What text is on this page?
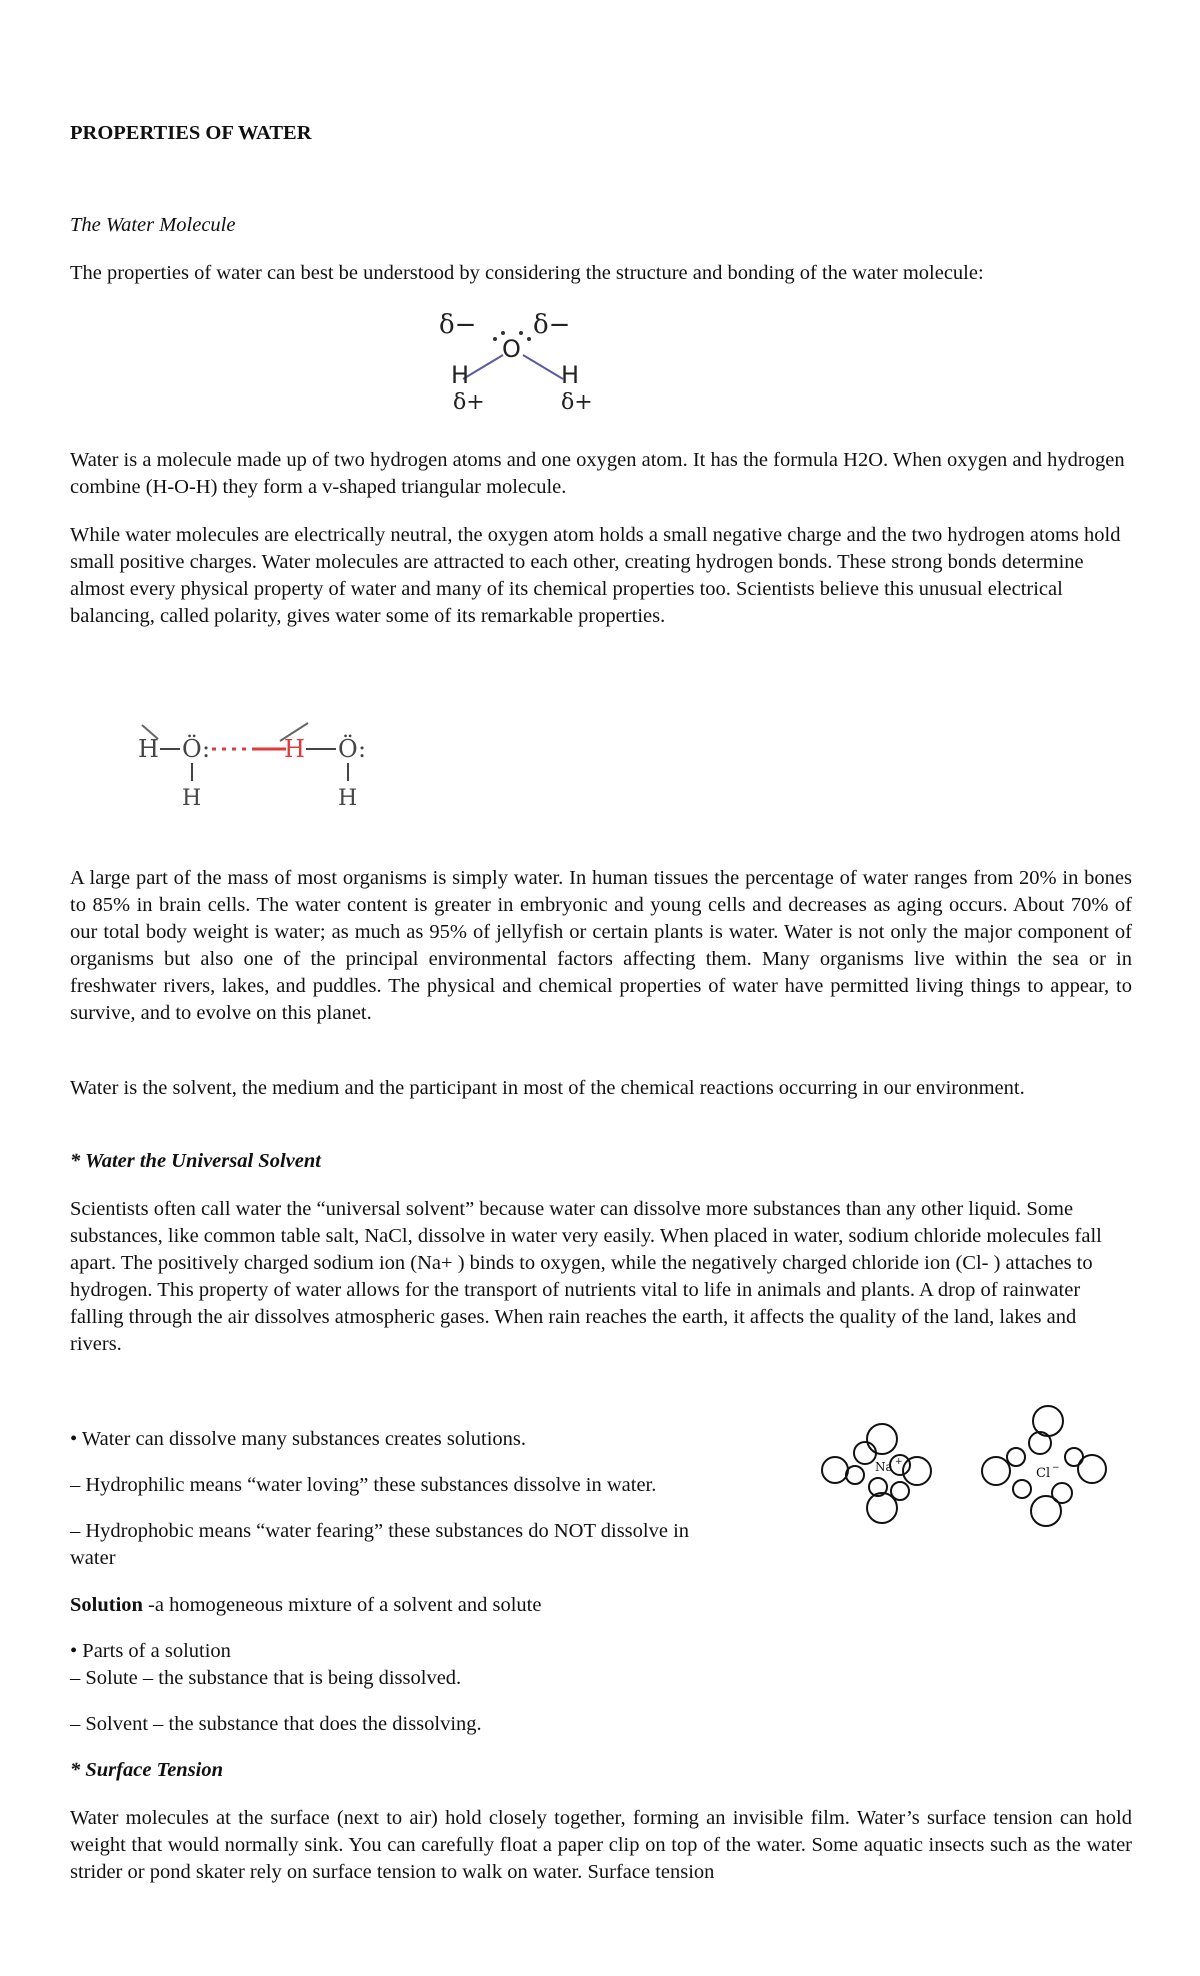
PROPERTIES OF WATER

The Water Molecule

The properties of water can best be understood by considering the structure and bonding of the water molecule:

δ− δ−
O
H	H
δ+	δ+

Water is a molecule made up of two hydrogen atoms and one oxygen atom. It has the formula H2O. When oxygen and hydrogen combine (H-O-H) they form a v-shaped triangular molecule.

While water molecules are electrically neutral, the oxygen atom holds a small negative charge and the two hydrogen atoms hold small positive charges. Water molecules are attracted to each other, creating hydrogen bonds. These strong bonds determine almost every physical property of water and many of its chemical properties too. Scientists believe this unusual electrical balancing, called polarity, gives water some of its remarkable properties.

H Ö :	H Ö :
H	H

A large part of the mass of most organisms is simply water. In human tissues the percentage of water ranges from 20% in bones to 85% in brain cells. The water content is greater in embryonic and young cells and decreases as aging occurs. About 70% of our total body weight is water; as much as 95% of jellyfish or certain plants is water. Water is not only the major component of organisms but also one of the principal environmental factors affecting them. Many organisms live within the sea or in freshwater rivers, lakes, and puddles. The physical and chemical properties of water have permitted living things to appear, to survive, and to evolve on this planet.

Water is the solvent, the medium and the participant in most of the chemical reactions occurring in our environment.

* Water the Universal Solvent

Scientists often call water the “universal solvent” because water can dissolve more substances than any other liquid. Some substances, like common table salt, NaCl, dissolve in water very easily. When placed in water, sodium chloride molecules fall apart. The positively charged sodium ion (Na+ ) binds to oxygen, while the negatively charged chloride ion (Cl- ) attaches to hydrogen. This property of water allows for the transport of nutrients vital to life in animals and plants. A drop of rainwater falling through the air dissolves atmospheric gases. When rain reaches the earth, it affects the quality of the land, lakes and rivers.

• Water can dissolve many substances creates solutions.

– Hydrophilic means “water loving” these substances dissolve in water.

– Hydrophobic means “water fearing” these substances do NOT dissolve in water

Solution -a homogeneous mixture of a solvent and solute

• Parts of a solution

– Solute – the substance that is being dissolved.

– Solvent – the substance that does the dissolving.

Na +
Cl −

* Surface Tension

Water molecules at the surface (next to air) hold closely together, forming an invisible film. Water’s surface tension can hold weight that would normally sink. You can carefully float a paper clip on top of the water. Some aquatic insects such as the water strider or pond skater rely on surface tension to walk on water. Surface tension
